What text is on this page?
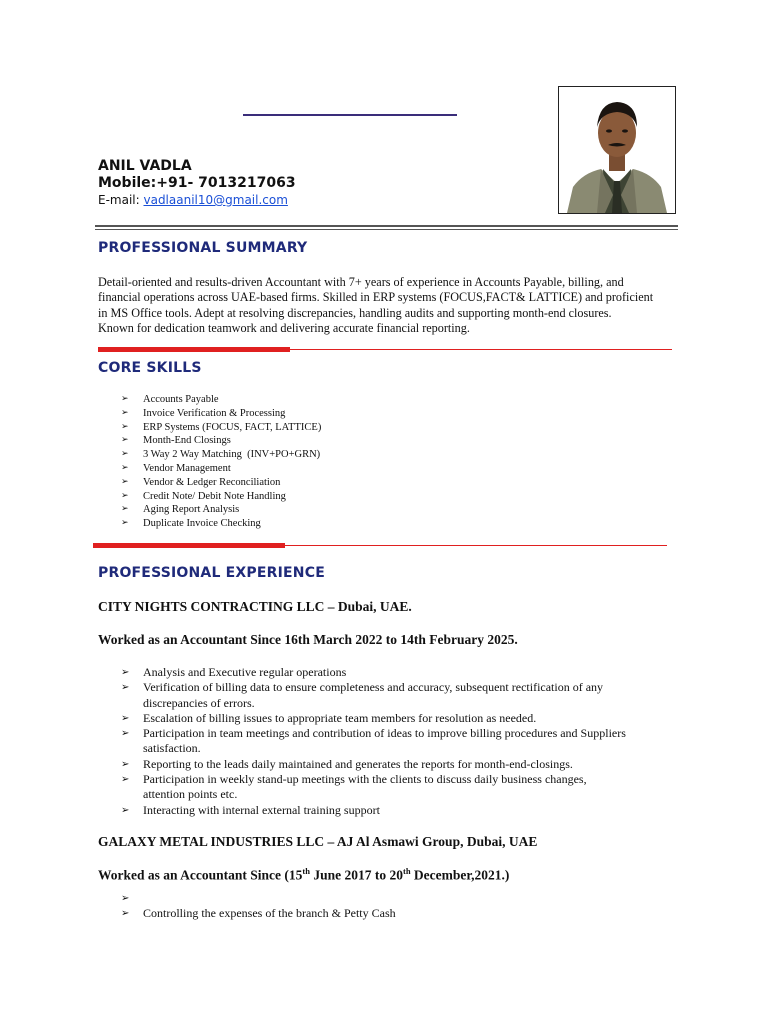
ANIL VADLA
Mobile:+91- 7013217063
E-mail: vadlaanil10@gmail.com
PROFESSIONAL SUMMARY
Detail-oriented and results-driven Accountant with 7+ years of experience in Accounts Payable, billing, and
financial operations across UAE-based firms. Skilled in ERP systems (FOCUS,FACT& LATTICE) and proficient
in MS Office tools. Adept at resolving discrepancies, handling audits and supporting month-end closures.
Known for dedication teamwork and delivering accurate financial reporting.
CORE SKILLS
➢ Accounts Payable
➢ Invoice Verification & Processing
➢ ERP Systems (FOCUS, FACT, LATTICE)
➢ Month-End Closings
➢ 3 Way 2 Way Matching  (INV+PO+GRN)
➢ Vendor Management
➢ Vendor & Ledger Reconciliation
➢ Credit Note/ Debit Note Handling
➢ Aging Report Analysis
➢ Duplicate Invoice Checking
PROFESSIONAL EXPERIENCE
CITY NIGHTS CONTRACTING LLC – Dubai, UAE.
Worked as an Accountant Since 16th March 2022 to 14th February 2025.
➢ Analysis and Executive regular operations
➢ Verification of billing data to ensure completeness and accuracy, subsequent rectification of any
discrepancies of errors.
➢ Escalation of billing issues to appropriate team members for resolution as needed.
➢ Participation in team meetings and contribution of ideas to improve billing procedures and Suppliers
satisfaction.
➢ Reporting to the leads daily maintained and generates the reports for month-end-closings.
➢ Participation in weekly stand-up meetings with the clients to discuss daily business changes,
attention points etc.
➢ Interacting with internal external training support
GALAXY METAL INDUSTRIES LLC – AJ Al Asmawi Group, Dubai, UAE
Worked as an Accountant Since (15th June 2017 to 20th December,2021.)
➢
➢ Controlling the expenses of the branch & Petty Cash
